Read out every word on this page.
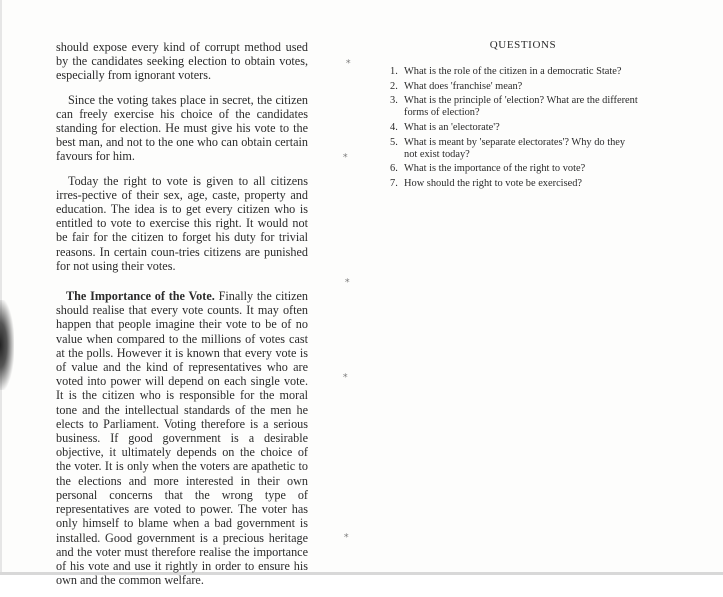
⁎
⁎
⁎
⁎
⁎

should expose every kind of corrupt method used by the candidates seeking election to obtain votes, especially from ignorant voters.

Since the voting takes place in secret, the citizen can freely exercise his choice of the candidates standing for election. He must give his vote to the best man, and not to the one who can obtain certain favours for him.

Today the right to vote is given to all citizens irres-pective of their sex, age, caste, property and education. The idea is to get every citizen who is entitled to vote to exercise this right. It would not be fair for the citizen to forget his duty for trivial reasons. In certain coun-tries citizens are punished for not using their votes.

The Importance of the Vote. Finally the citizen should realise that every vote counts. It may often happen that people imagine their vote to be of no value when compared to the millions of votes cast at the polls. However it is known that every vote is of value and the kind of representatives who are voted into power will depend on each single vote. It is the citizen who is responsible for the moral tone and the intellectual standards of the men he elects to Parliament. Voting therefore is a serious business. If good government is a desirable objective, it ultimately depends on the choice of the voter. It is only when the voters are apathetic to the elections and more interested in their own personal concerns that the wrong type of representatives are voted to power. The voter has only himself to blame when a bad government is installed. Good government is a precious heritage and the voter must therefore realise the importance of his vote and use it rightly in order to ensure his own and the common welfare.

QUESTIONS
1. What is the role of the citizen in a democratic State?
2. What does 'franchise' mean?
3. What is the principle of 'election? What are the different forms of election?
4. What is an 'electorate'?
5. What is meant by 'separate electorates'? Why do they not exist today?
6. What is the importance of the right to vote?
7. How should the right to vote be exercised?
